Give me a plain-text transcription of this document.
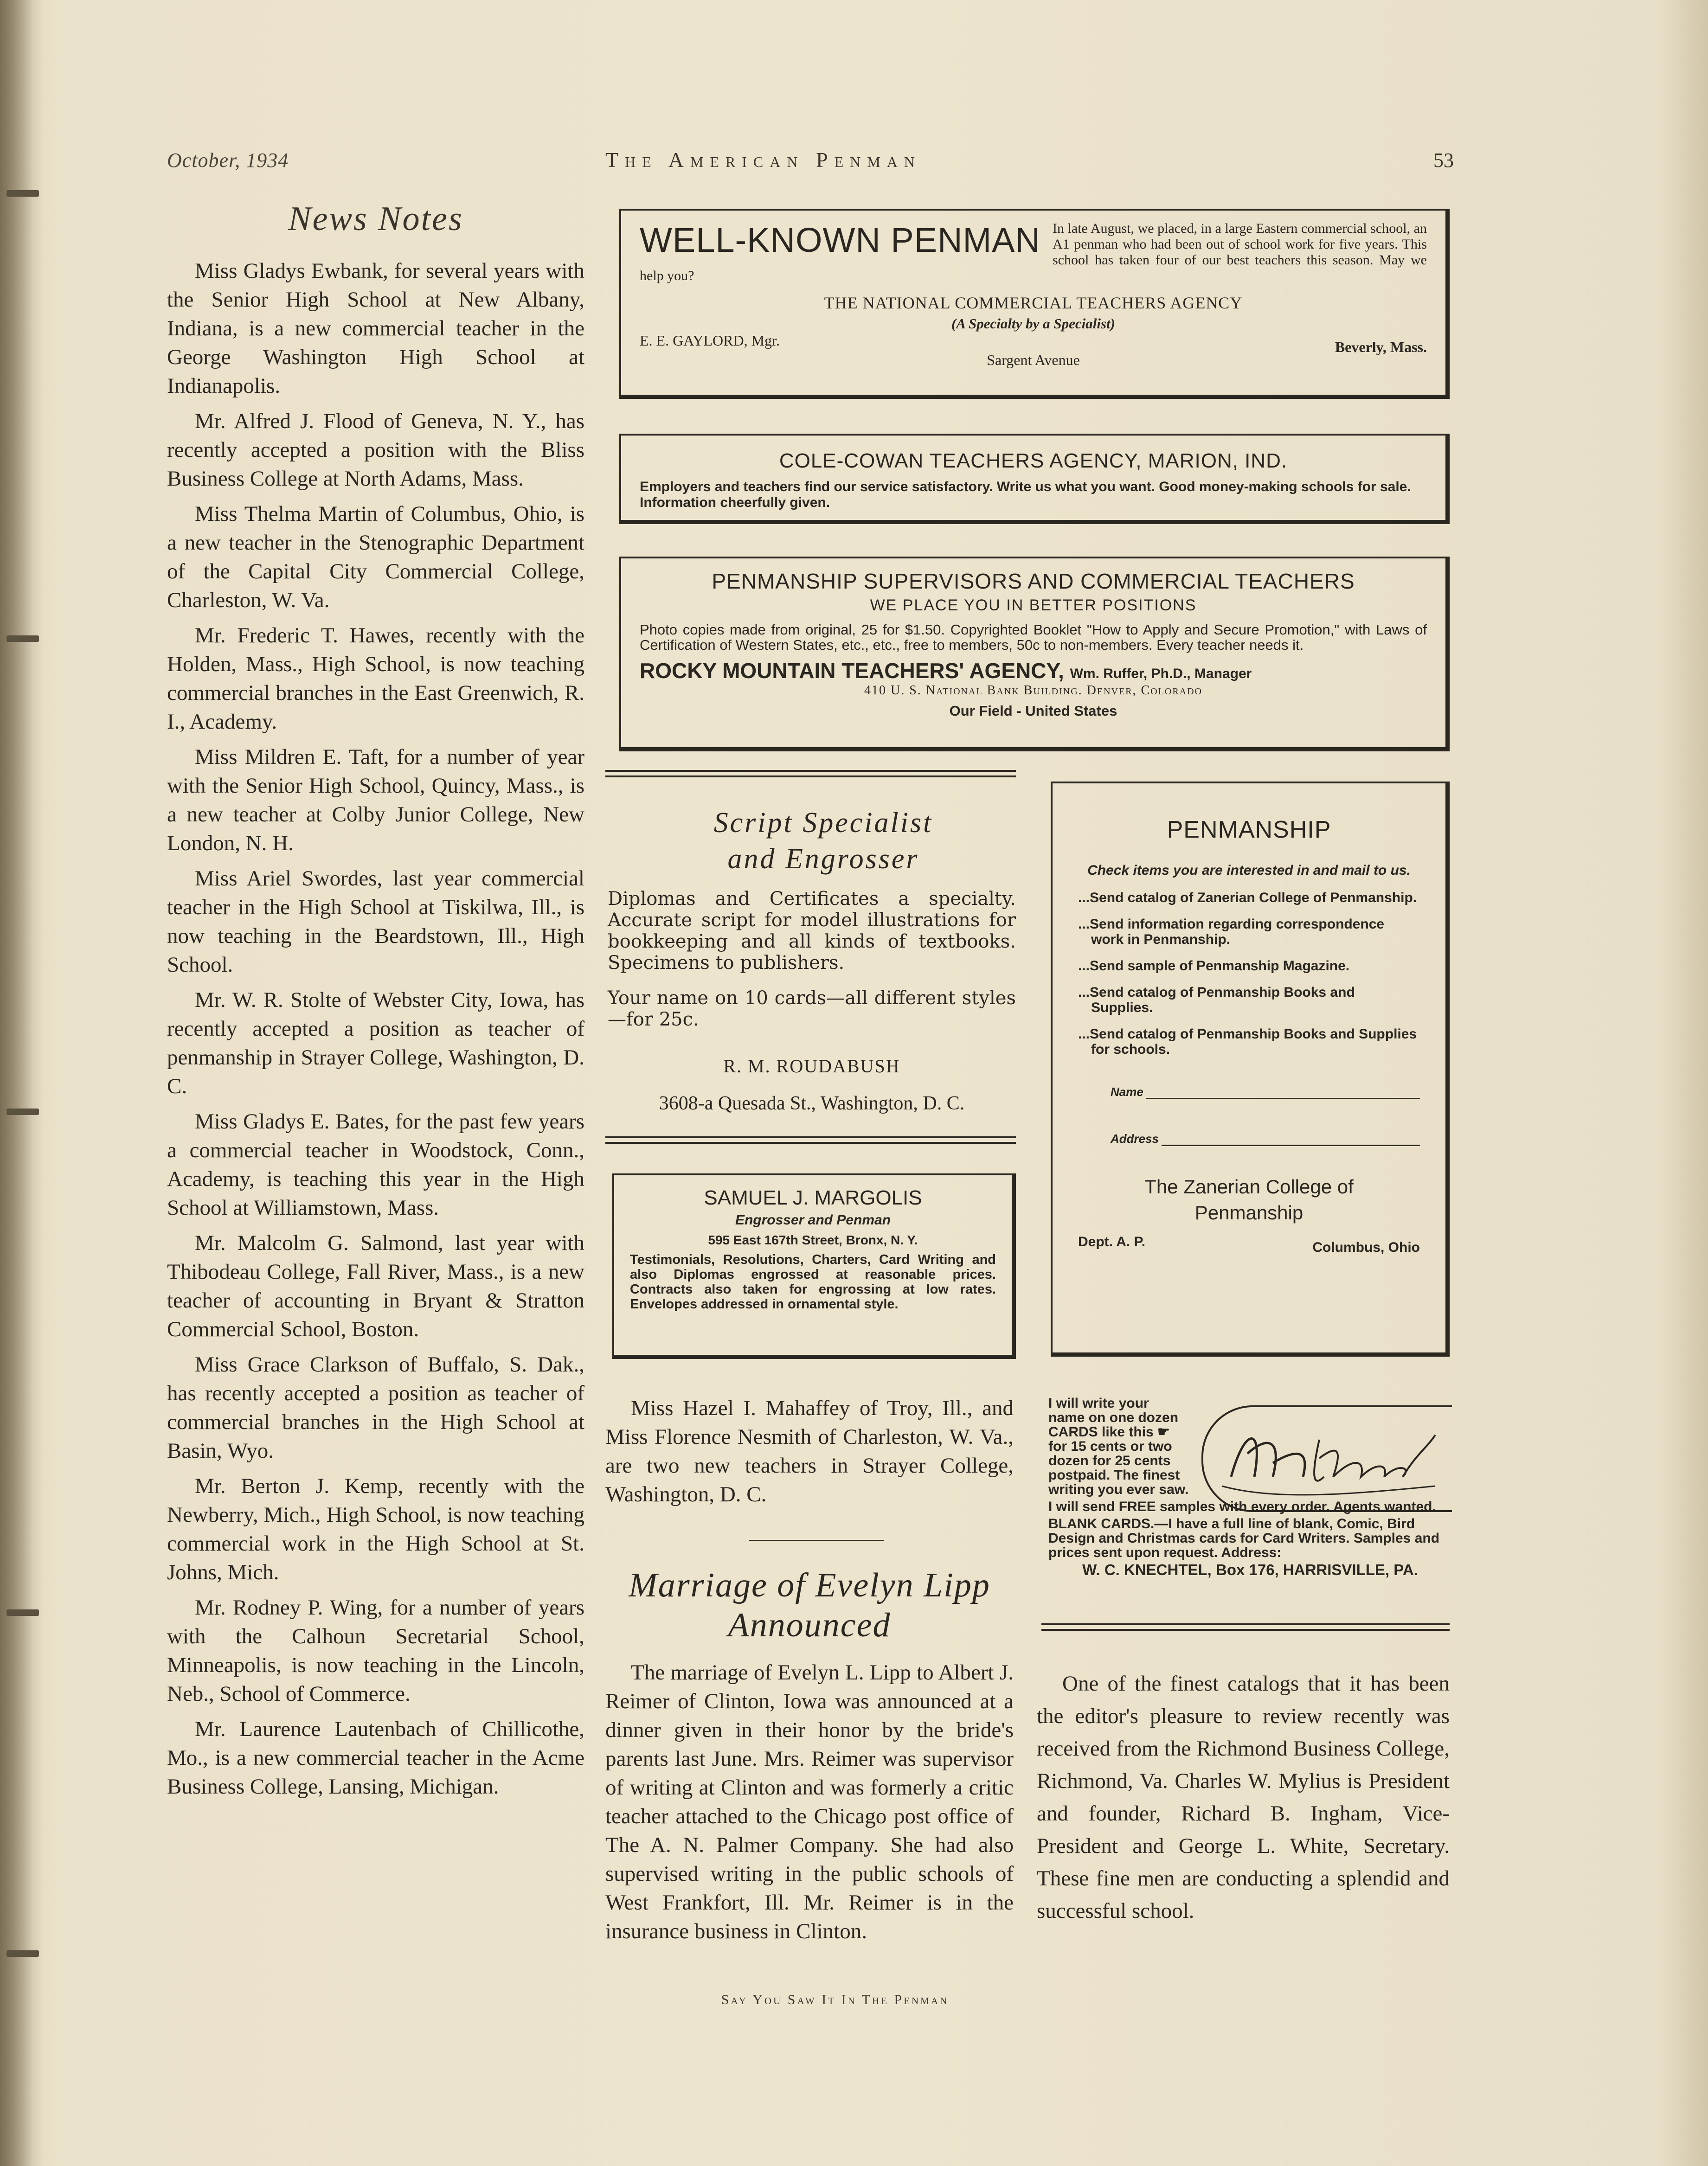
October, 1934	The American Penman	53
News Notes

Miss Gladys Ewbank, for several years with the Senior High School at New Albany, Indiana, is a new commercial teacher in the George Washington High School at Indianapolis.

Mr. Alfred J. Flood of Geneva, N. Y., has recently accepted a position with the Bliss Business College at North Adams, Mass.

Miss Thelma Martin of Columbus, Ohio, is a new teacher in the Stenographic Department of the Capital City Commercial College, Charleston, W. Va.

Mr. Frederic T. Hawes, recently with the Holden, Mass., High School, is now teaching commercial branches in the East Greenwich, R. I., Academy.

Miss Mildren E. Taft, for a number of year with the Senior High School, Quincy, Mass., is a new teacher at Colby Junior College, New London, N. H.

Miss Ariel Swordes, last year commercial teacher in the High School at Tiskilwa, Ill., is now teaching in the Beardstown, Ill., High School.

Mr. W. R. Stolte of Webster City, Iowa, has recently accepted a position as teacher of penmanship in Strayer College, Washington, D. C.

Miss Gladys E. Bates, for the past few years a commercial teacher in Woodstock, Conn., Academy, is teaching this year in the High School at Williamstown, Mass.

Mr. Malcolm G. Salmond, last year with Thibodeau College, Fall River, Mass., is a new teacher of accounting in Bryant & Stratton Commercial School, Boston.

Miss Grace Clarkson of Buffalo, S. Dak., has recently accepted a position as teacher of commercial branches in the High School at Basin, Wyo.

Mr. Berton J. Kemp, recently with the Newberry, Mich., High School, is now teaching commercial work in the High School at St. Johns, Mich.

Mr. Rodney P. Wing, for a number of years with the Calhoun Secretarial School, Minneapolis, is now teaching in the Lincoln, Neb., School of Commerce.

Mr. Laurence Lautenbach of Chillicothe, Mo., is a new commercial teacher in the Acme Business College, Lansing, Michigan.

WELL-KNOWN PENMAN In late August, we placed, in a large Eastern commercial school, an A1 penman who had been out of school work for five years. This school has taken four of our best teachers this season. May we help you?
THE NATIONAL COMMERCIAL TEACHERS AGENCY
(A Specialty by a Specialist)
E. E. GAYLORD, Mgr.
Sargent Avenue
Beverly, Mass.
COLE-COWAN TEACHERS AGENCY, MARION, IND.
Employers and teachers find our service satisfactory. Write us what you want. Good money-making schools for sale. Information cheerfully given.
PENMANSHIP SUPERVISORS AND COMMERCIAL TEACHERS
WE PLACE YOU IN BETTER POSITIONS
Photo copies made from original, 25 for $1.50. Copyrighted Booklet "How to Apply and Secure Promotion," with Laws of Certification of Western States, etc., etc., free to members, 50c to non-members. Every teacher needs it.
ROCKY MOUNTAIN TEACHERS' AGENCY, Wm. Ruffer, Ph.D., Manager
410 U. S. National Bank Building. Denver, Colorado
Our Field - United States
Script Specialist
and Engrosser

Diplomas and Certificates a specialty. Accurate script for model illustrations for bookkeeping and all kinds of textbooks. Specimens to publishers.

Your name on 10 cards—all different styles—for 25c.

R. M. ROUDABUSH
3608-a Quesada St., Washington, D. C.
SAMUEL J. MARGOLIS
Engrosser and Penman
595 East 167th Street, Bronx, N. Y.
Testimonials, Resolutions, Charters, Card Writing and also Diplomas engrossed at reasonable prices. Contracts also taken for engrossing at low rates. Envelopes addressed in ornamental style.

Miss Hazel I. Mahaffey of Troy, Ill., and Miss Florence Nesmith of Charleston, W. Va., are two new teachers in Strayer College, Washington, D. C.

Marriage of Evelyn Lipp
Announced

The marriage of Evelyn L. Lipp to Albert J. Reimer of Clinton, Iowa was announced at a dinner given in their honor by the bride's parents last June. Mrs. Reimer was supervisor of writing at Clinton and was formerly a critic teacher attached to the Chicago post office of The A. N. Palmer Company. She had also supervised writing in the public schools of West Frankfort, Ill. Mr. Reimer is in the insurance business in Clinton.

PENMANSHIP
Check items you are interested in and mail to us.
...Send catalog of Zanerian College of Penmanship.
...Send information regarding correspondence work in Penmanship.
...Send sample of Penmanship Magazine.
...Send catalog of Penmanship Books and Supplies.
...Send catalog of Penmanship Books and Supplies for schools.
Name
Address
The Zanerian College of
Penmanship
Dept. A. P.	Columbus, Ohio
I will write your
name on one dozen
CARDS like this ☛
for 15 cents or two
dozen for 25 cents
postpaid. The finest
writing you ever saw.
I will send FREE samples with every order. Agents wanted.
BLANK CARDS.—I have a full line of blank, Comic, Bird Design and Christmas cards for Card Writers. Samples and prices sent upon request. Address:
W. C. KNECHTEL, Box 176, HARRISVILLE, PA.

One of the finest catalogs that it has been the editor's pleasure to review recently was received from the Richmond Business College, Richmond, Va. Charles W. Mylius is President and founder, Richard B. Ingham, Vice-President and George L. White, Secretary. These fine men are conducting a splendid and successful school.

Say You Saw It In The Penman
